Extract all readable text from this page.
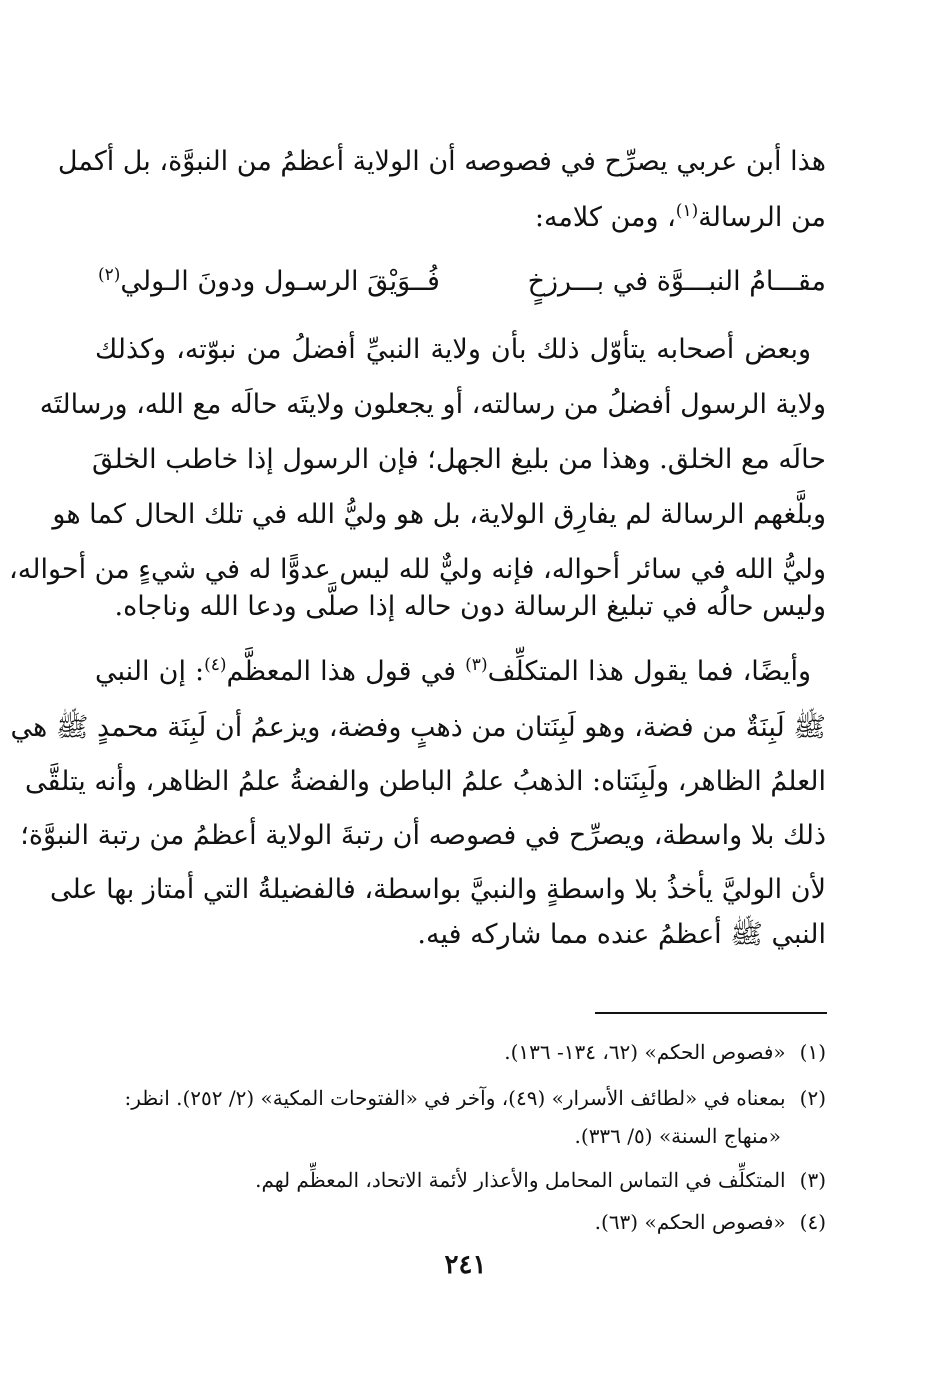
هذا أبن عربي يصرِّح في فصوصه أن الولاية أعظمُ من النبوَّة، بل أكمل
من الرسالة$^{(١)}$، ومن كلامه:
مقـــامُ النبـــوَّة في بـــرزخٍ
فُــوَيْقَ الرسـول ودونَ الـولي$^{(٢)}$
وبعض أصحابه يتأوّل ذلك بأن ولاية النبيِّ أفضلُ من نبوّته، وكذلك
ولاية الرسول أفضلُ من رسالته، أو يجعلون ولايتَه حالَه مع الله، ورسالتَه
حالَه مع الخلق. وهذا من بليغ الجهل؛ فإن الرسول إذا خاطب الخلقَ
وبلَّغهم الرسالة لم يفارِق الولاية، بل هو وليُّ الله في تلك الحال كما هو
وليُّ الله في سائر أحواله، فإنه وليٌّ لله ليس عدوًّا له في شيءٍ من أحواله،
وليس حالُه في تبليغ الرسالة دون حاله إذا صلَّى ودعا الله وناجاه.
وأيضًا، فما يقول هذا المتكلِّف$^{(٣)}$ في قول هذا المعظَّم$^{(٤)}$: إن النبي
ﷺ لَبِنَةٌ من فضة، وهو لَبِنَتان من ذهبٍ وفضة، ويزعمُ أن لَبِنَة محمدٍ ﷺ هي
العلمُ الظاهر، ولَبِنَتاه: الذهبُ علمُ الباطن والفضةُ علمُ الظاهر، وأنه يتلقَّى
ذلك بلا واسطة، ويصرِّح في فصوصه أن رتبةَ الولاية أعظمُ من رتبة النبوَّة؛
لأن الوليَّ يأخذُ بلا واسطةٍ والنبيَّ بواسطة، فالفضيلةُ التي أمتاز بها على
النبي ﷺ أعظمُ عنده مما شاركه فيه.
(١)«فصوص الحكم» (٦٢، ١٣٤- ١٣٦).
(٢)بمعناه في «لطائف الأسرار» (٤٩)، وآخر في «الفتوحات المكية» (٢/ ٢٥٢). انظر:
«منهاج السنة» (٥/ ٣٣٦).
(٣)المتكلِّف في التماس المحامل والأعذار لأئمة الاتحاد، المعظِّم لهم.
(٤)«فصوص الحكم» (٦٣).
٢٤١
